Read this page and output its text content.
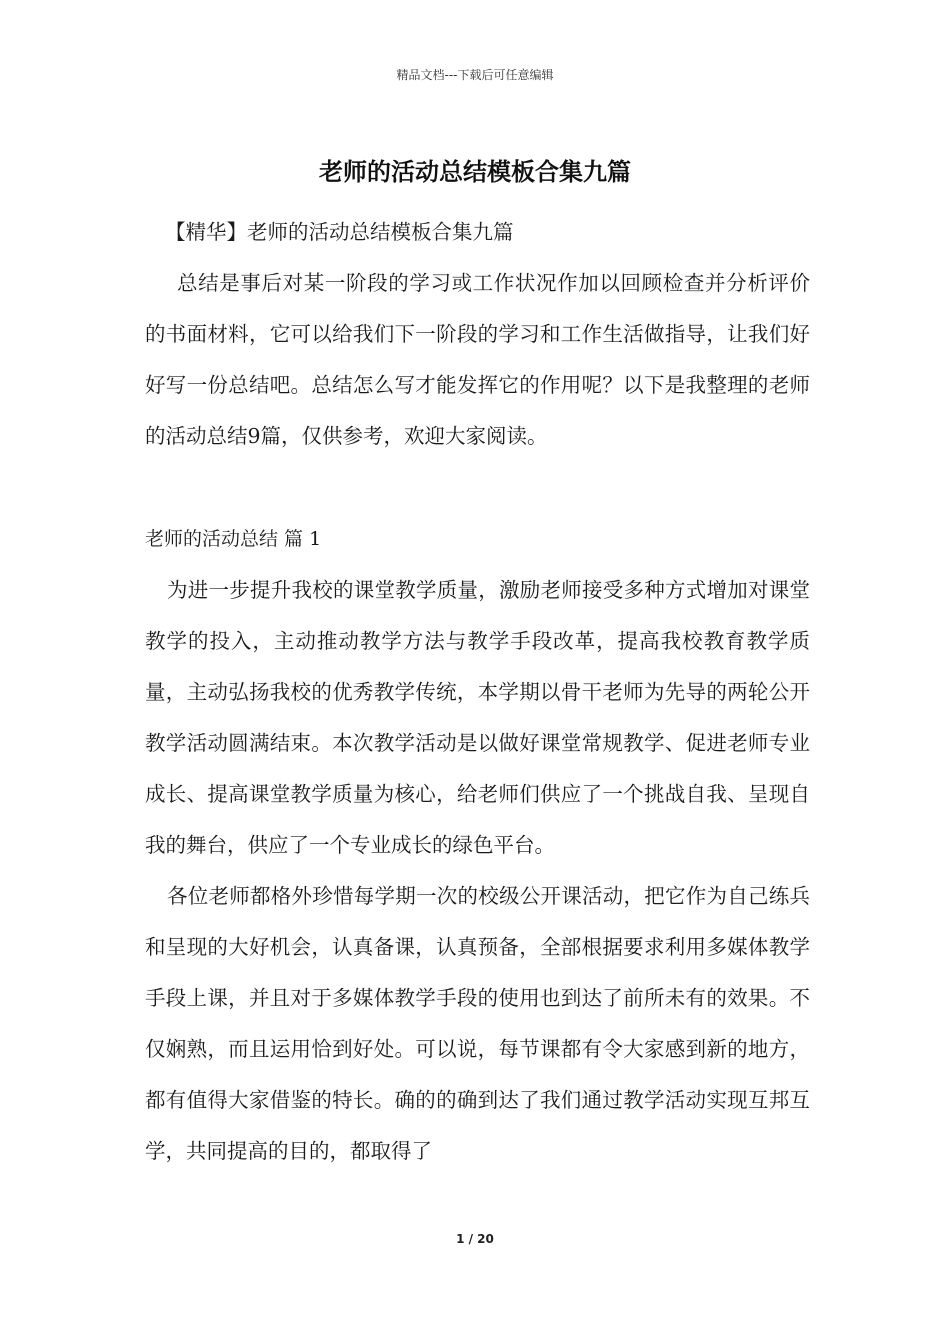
精品文档---下载后可任意编辑
老师的活动总结模板合集九篇

【精华】老师的活动总结模板合集九篇

总结是事后对某一阶段的学习或工作状况作加以回顾检查并分析评价的书面材料，它可以给我们下一阶段的学习和工作生活做指导，让我们好好写一份总结吧。总结怎么写才能发挥它的作用呢？以下是我整理的老师的活动总结9篇，仅供参考，欢迎大家阅读。

老师的活动总结 篇 1

为进一步提升我校的课堂教学质量，激励老师接受多种方式增加对课堂教学的投入，主动推动教学方法与教学手段改革，提高我校教育教学质量，主动弘扬我校的优秀教学传统，本学期以骨干老师为先导的两轮公开教学活动圆满结束。本次教学活动是以做好课堂常规教学、促进老师专业成长、提高课堂教学质量为核心，给老师们供应了一个挑战自我、呈现自我的舞台，供应了一个专业成长的绿色平台。

各位老师都格外珍惜每学期一次的校级公开课活动，把它作为自己练兵和呈现的大好机会，认真备课，认真预备，全部根据要求利用多媒体教学手段上课，并且对于多媒体教学手段的使用也到达了前所未有的效果。不仅娴熟，而且运用恰到好处。可以说，每节课都有令大家感到新的地方，都有值得大家借鉴的特长。确的的确到达了我们通过教学活动实现互邦互学，共同提高的目的，都取得了

1 / 20
